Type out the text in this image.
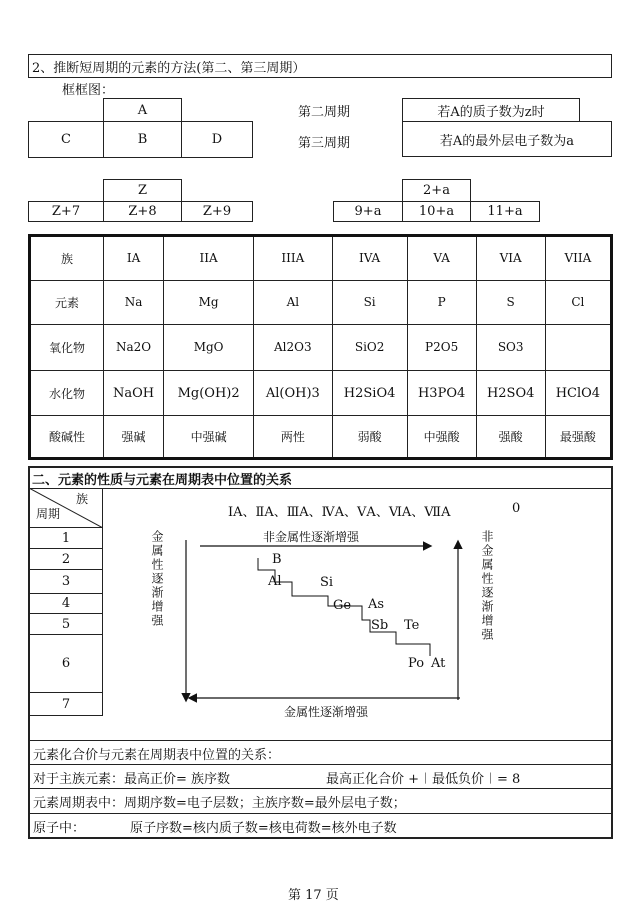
2、推断短周期的元素的方法(第二、第三周期）
框框图：
A
C	B	D
第二周期
第三周期
若A的质子数为z时
若A的最外层电子数为a
Z
Z+7	Z+8	Z+9
2+a
9+a	10+a	11+a
族	IA	IIA	IIIA	IVA	VA	VIA	VIIA
元素	Na	Mg	Al	Si	P	S	Cl
氧化物	Na2O	MgO	Al2O3	SiO2	P2O5	SO3	
水化物	NaOH	Mg(OH)2	Al(OH)3	H2SiO4	H3PO4	H2SO4	HClO4
酸碱性	强碱	中强碱	两性	弱酸	中强酸	强酸	最强酸
二、元素的性质与元素在周期表中位置的关系
族
周期
1
2
3
4
5
6
7
ⅠA、ⅡA、ⅢA、ⅣA、ⅤA、ⅥA、ⅦA	0
金属性逐渐增强	非金属性逐渐增强
非金属性逐渐增强
金属性逐渐增强
B
Al	Si
Ge As
Sb Te
Po At
元素化合价与元素在周期表中位置的关系：
对于主族元素：最高正价= 族序数	最高正化合价 +︱最低负价︱= 8
元素周期表中：周期序数=电子层数；主族序数=最外层电子数；
原子中：	原子序数=核内质子数=核电荷数=核外电子数
第 17 页
